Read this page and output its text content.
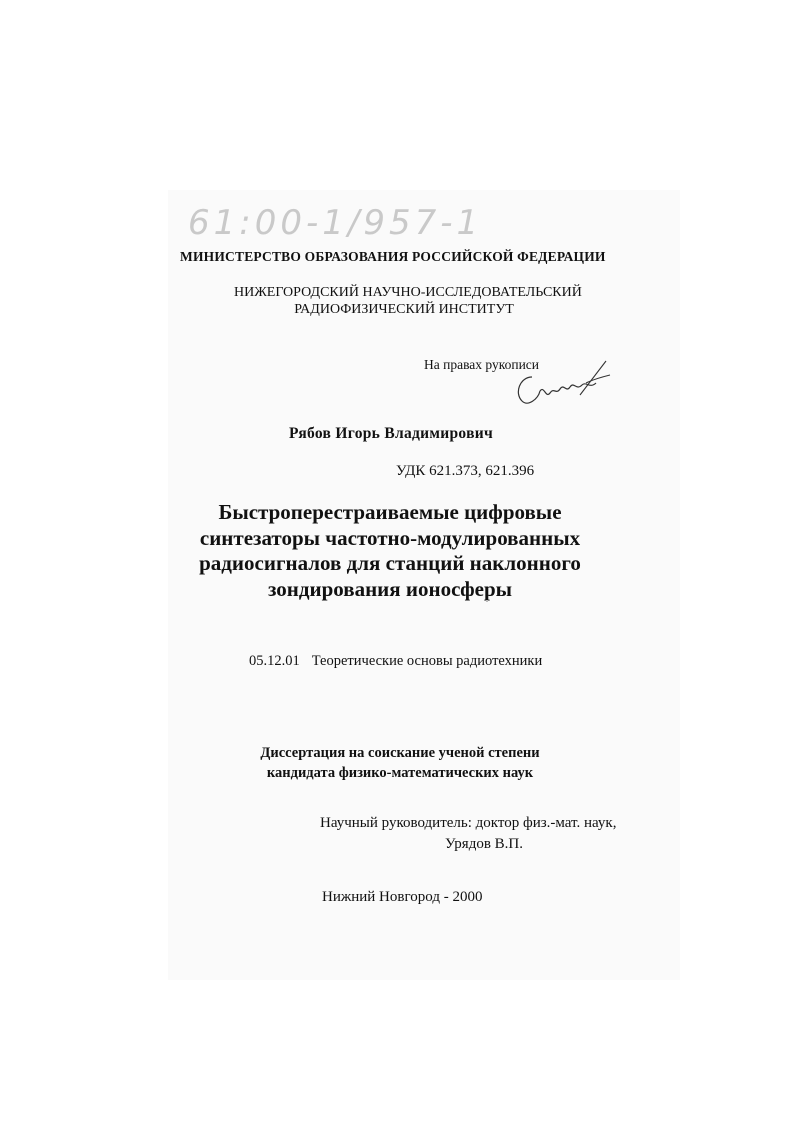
61:00-1/957-1
МИНИСТЕРСТВО ОБРАЗОВАНИЯ РОССИЙСКОЙ ФЕДЕРАЦИИ
НИЖЕГОРОДСКИЙ НАУЧНО-ИССЛЕДОВАТЕЛЬСКИЙ
РАДИОФИЗИЧЕСКИЙ ИНСТИТУТ
На правах рукописи
Рябов Игорь Владимирович
УДК 621.373, 621.396
Быстроперестраиваемые цифровые
синтезаторы частотно-модулированных
радиосигналов для станций наклонного
зондирования ионосферы
05.12.01 Теоретические основы радиотехники
Диссертация на соискание ученой степени
кандидата физико-математических наук
Научный руководитель: доктор физ.-мат. наук,
Урядов В.П.
Нижний Новгород - 2000
